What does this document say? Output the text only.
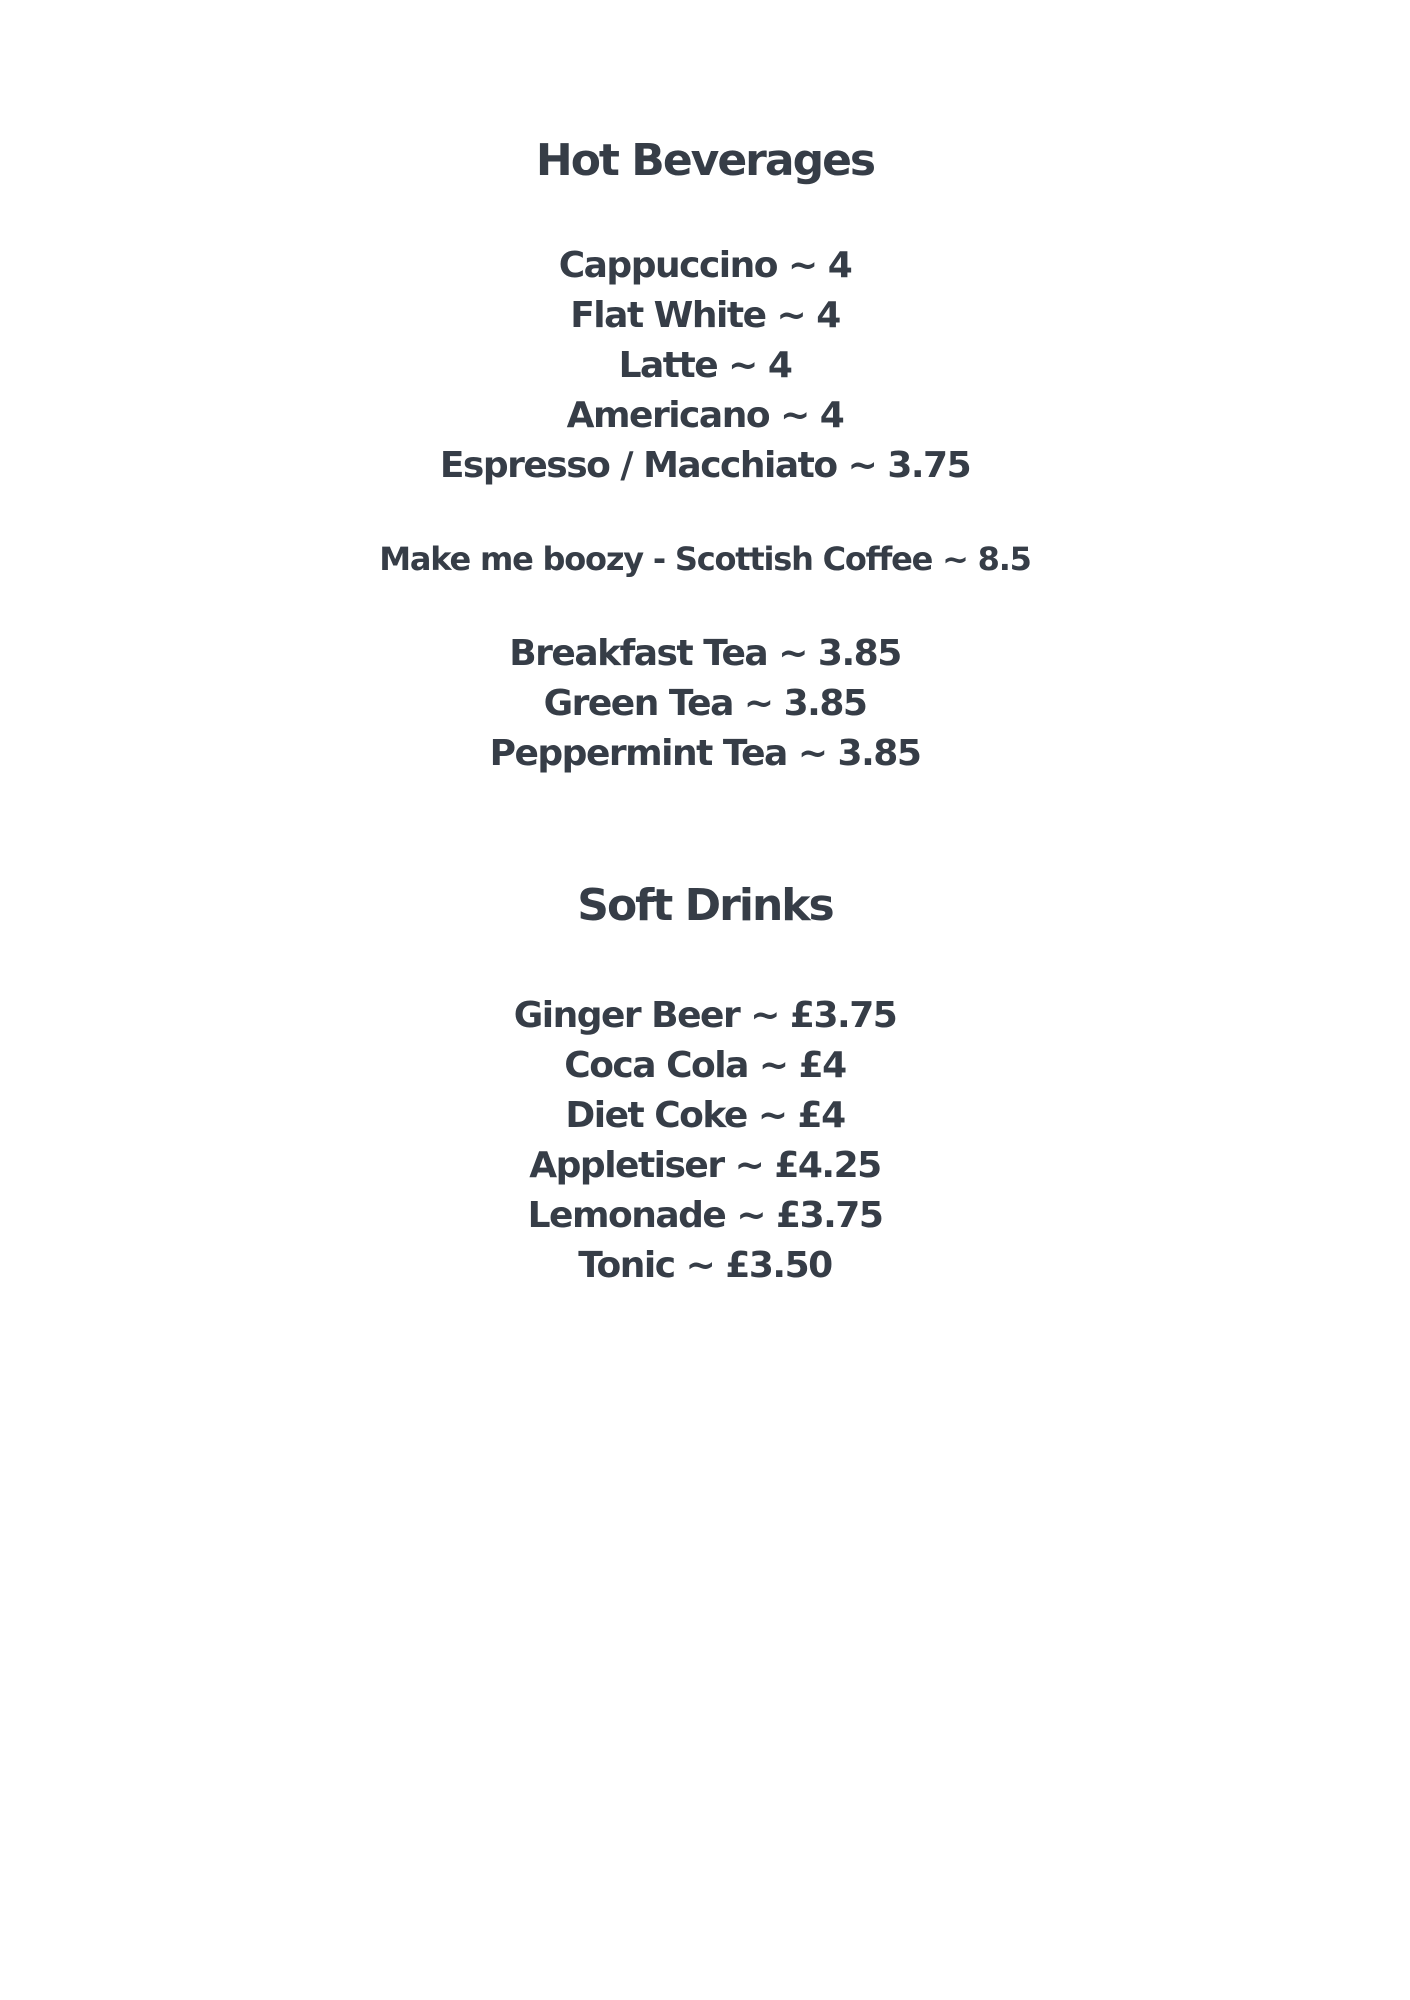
Hot Beverages
Cappuccino ~ 4
Flat White ~ 4
Latte ~ 4
Americano ~ 4
Espresso / Macchiato ~ 3.75
Make me boozy - Scottish Coffee ~ 8.5
Breakfast Tea ~ 3.85
Green Tea ~ 3.85
Peppermint Tea ~ 3.85
Soft Drinks
Ginger Beer ~ £3.75
Coca Cola ~ £4
Diet Coke ~ £4
Appletiser ~ £4.25
Lemonade ~ £3.75
Tonic ~ £3.50
